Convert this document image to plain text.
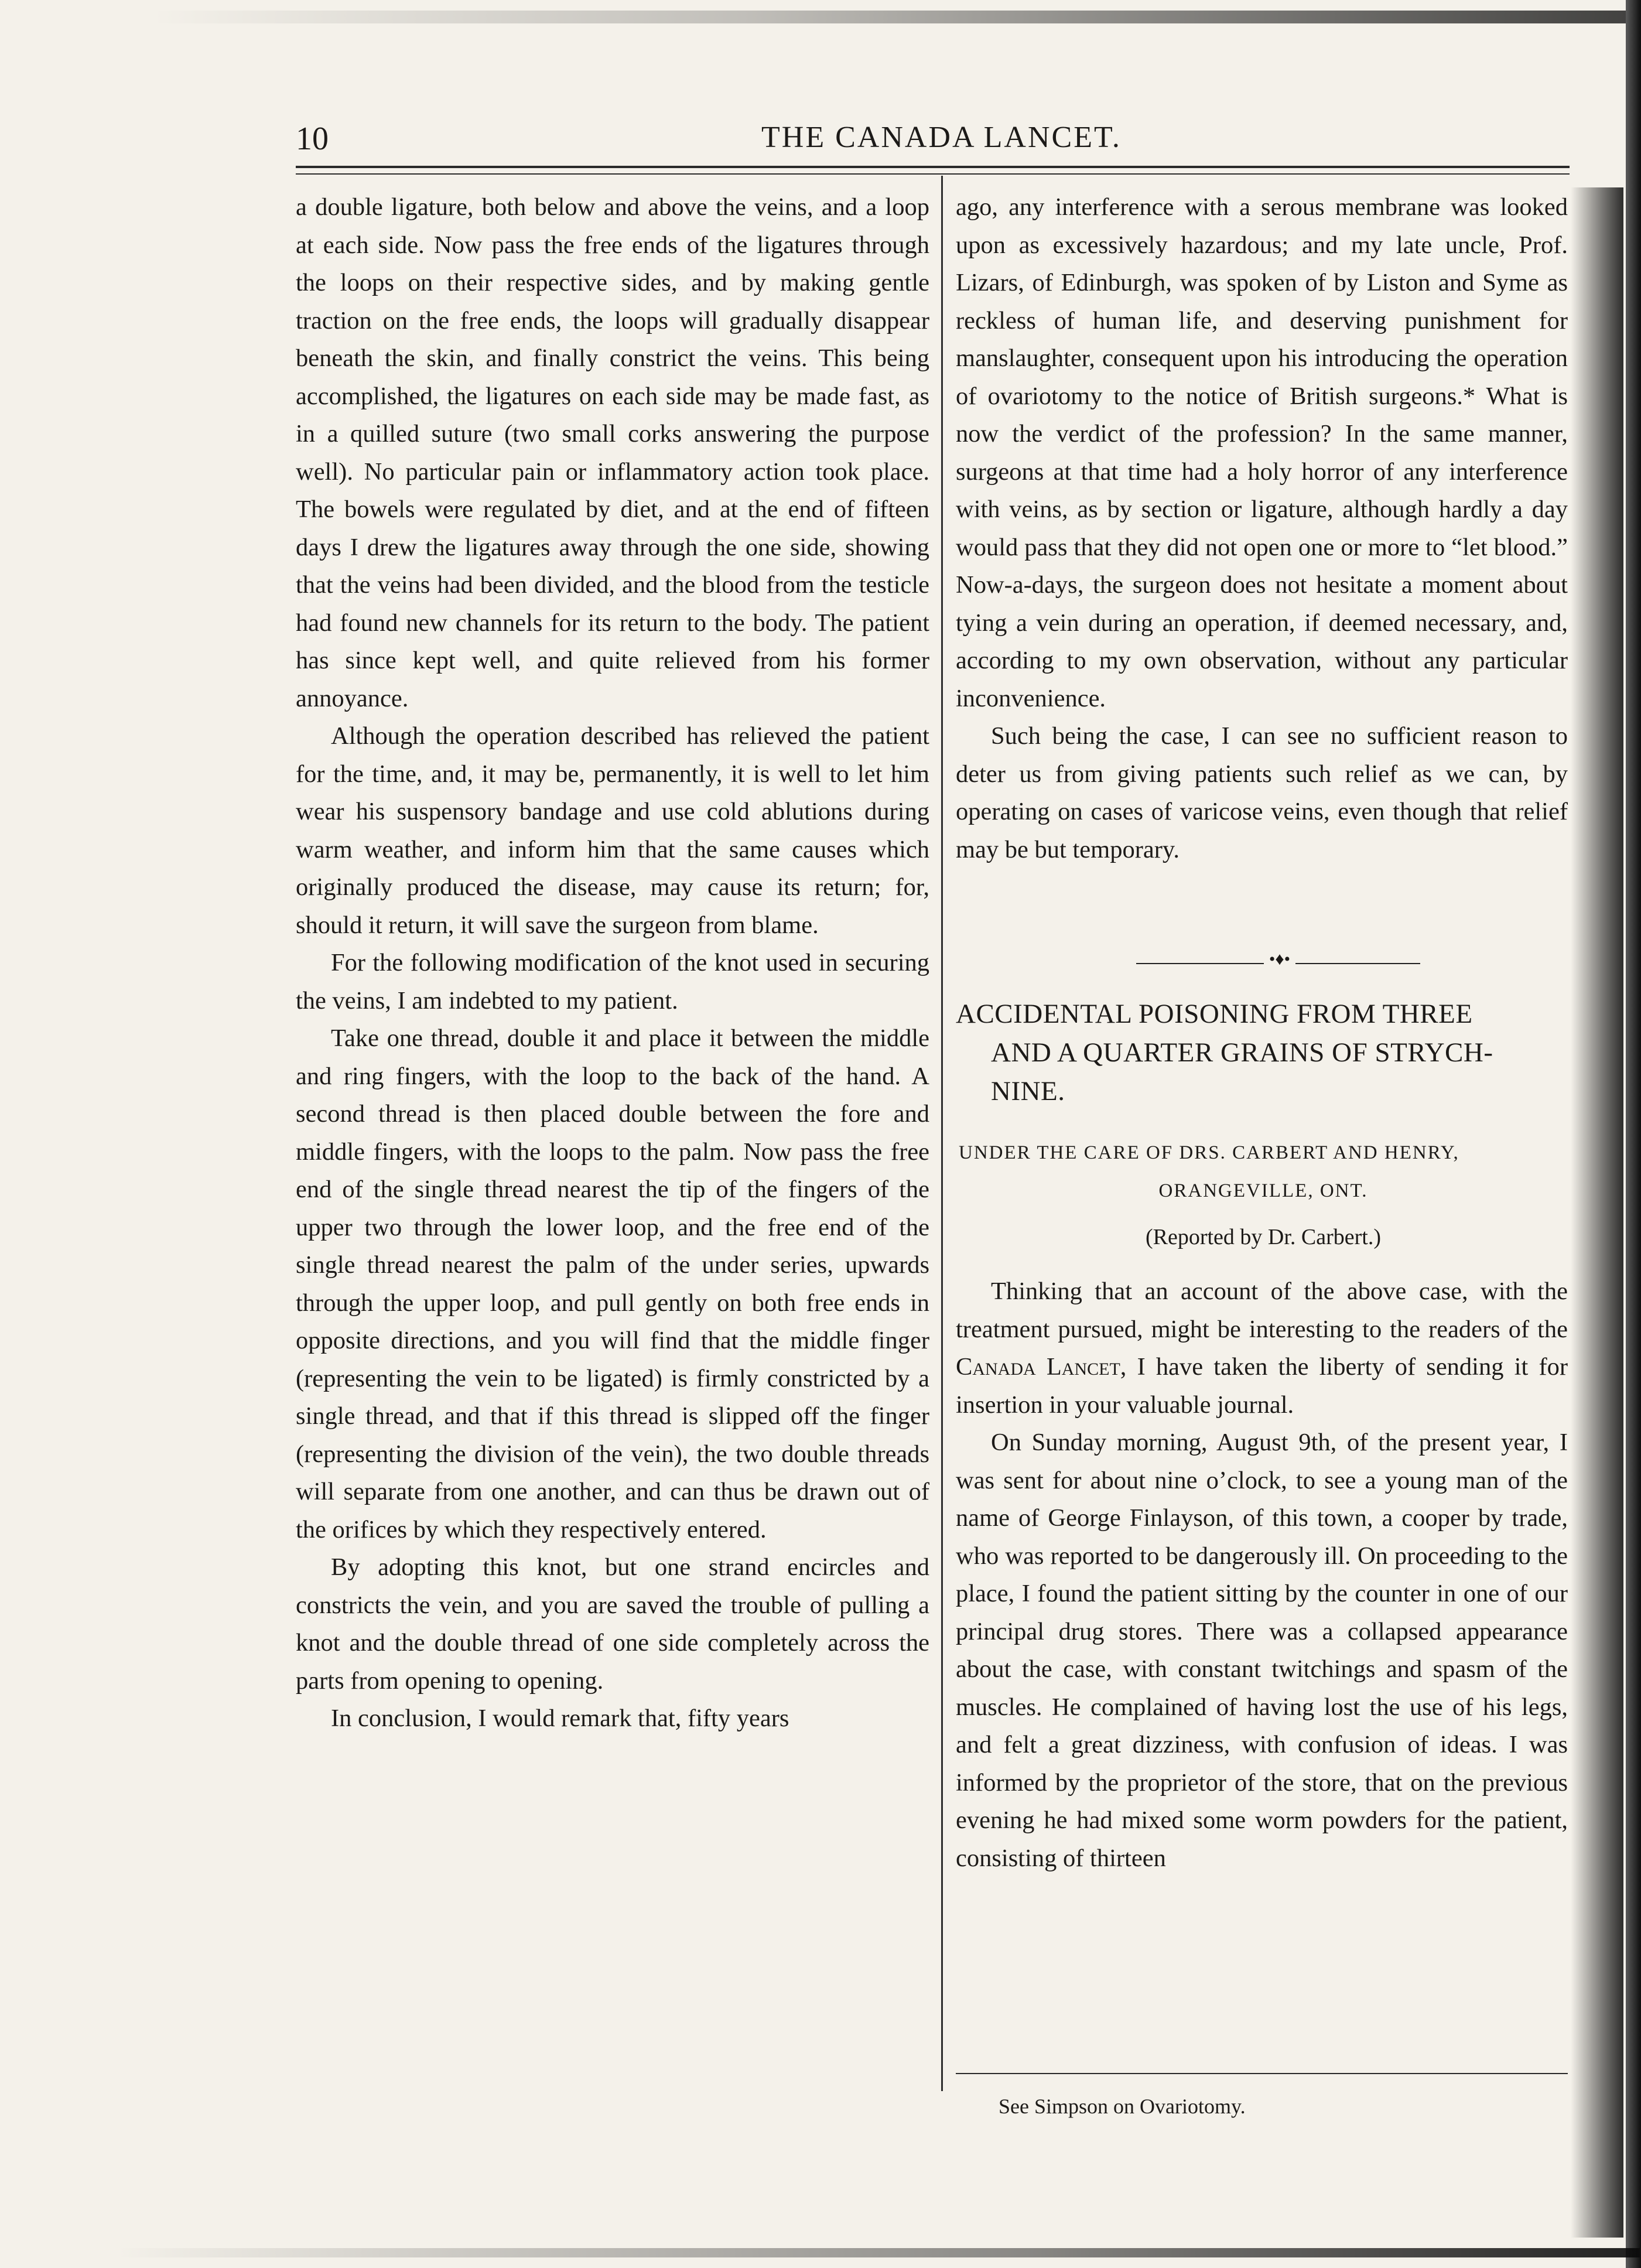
10	THE CANADA LANCET.

a double ligature, both below and above the veins, and a loop at each side. Now pass the free ends of the ligatures through the loops on their respective sides, and by making gentle traction on the free ends, the loops will gradually disappear beneath the skin, and finally constrict the veins. This being accomplished, the ligatures on each side may be made fast, as in a quilled suture (two small corks answering the purpose well). No particular pain or inflammatory action took place. The bowels were regulated by diet, and at the end of fifteen days I drew the ligatures away through the one side, showing that the veins had been divided, and the blood from the testicle had found new channels for its return to the body. The patient has since kept well, and quite relieved from his former annoyance.

Although the operation described has relieved the patient for the time, and, it may be, permanently, it is well to let him wear his suspensory bandage and use cold ablutions during warm weather, and inform him that the same causes which originally produced the disease, may cause its return; for, should it return, it will save the surgeon from blame.

For the following modification of the knot used in securing the veins, I am indebted to my patient.

Take one thread, double it and place it between the middle and ring fingers, with the loop to the back of the hand. A second thread is then placed double between the fore and middle fingers, with the loops to the palm. Now pass the free end of the single thread nearest the tip of the fingers of the upper two through the lower loop, and the free end of the single thread nearest the palm of the under series, upwards through the upper loop, and pull gently on both free ends in opposite directions, and you will find that the middle finger (representing the vein to be ligated) is firmly constricted by a single thread, and that if this thread is slipped off the finger (representing the division of the vein), the two double threads will separate from one another, and can thus be drawn out of the orifices by which they respectively entered.

By adopting this knot, but one strand encircles and constricts the vein, and you are saved the trouble of pulling a knot and the double thread of one side completely across the parts from opening to opening.

In conclusion, I would remark that, fifty years

ago, any interference with a serous membrane was looked upon as excessively hazardous; and my late uncle, Prof. Lizars, of Edinburgh, was spoken of by Liston and Syme as reckless of human life, and deserving punishment for manslaughter, consequent upon his introducing the operation of ovariotomy to the notice of British surgeons.* What is now the verdict of the profession? In the same manner, surgeons at that time had a holy horror of any interference with veins, as by section or ligature, although hardly a day would pass that they did not open one or more to “let blood.” Now-a-days, the surgeon does not hesitate a moment about tying a vein during an operation, if deemed necessary, and, according to my own observation, without any particular inconvenience.

Such being the case, I can see no sufficient reason to deter us from giving patients such relief as we can, by operating on cases of varicose veins, even though that relief may be but temporary.

•♦•
ACCIDENTAL POISONING FROM THREE
AND A QUARTER GRAINS OF STRYCH-
NINE.
UNDER THE CARE OF DRS. CARBERT AND HENRY,
ORANGEVILLE, ONT.
(Reported by Dr. Carbert.)

Thinking that an account of the above case, with the treatment pursued, might be interesting to the readers of the Canada Lancet, I have taken the liberty of sending it for insertion in your valuable journal.

On Sunday morning, August 9th, of the present year, I was sent for about nine o’clock, to see a young man of the name of George Finlayson, of this town, a cooper by trade, who was reported to be dangerously ill. On proceeding to the place, I found the patient sitting by the counter in one of our principal drug stores. There was a collapsed appearance about the case, with constant twitchings and spasm of the muscles. He complained of having lost the use of his legs, and felt a great dizziness, with confusion of ideas. I was informed by the proprietor of the store, that on the previous evening he had mixed some worm powders for the patient, consisting of thirteen

See Simpson on Ovariotomy.
